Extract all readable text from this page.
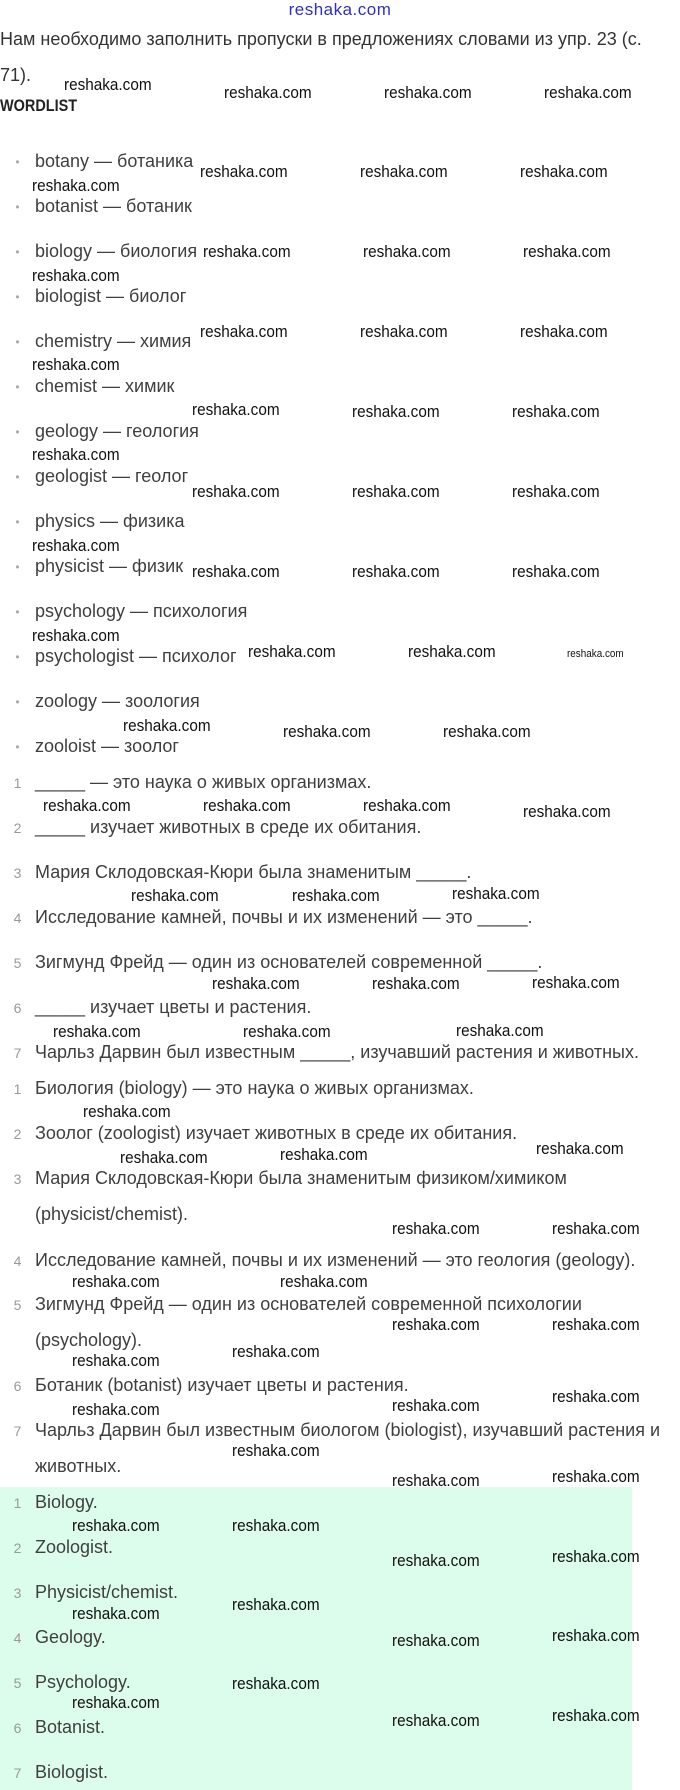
reshaka.com
Нам необходимо заполнить пропуски в предложениях словами из упр. 23 (с.
71).
WORDLIST
• botany — ботаника
• botanist — ботаник
• biology — биология
• biologist — биолог
• chemistry — химия
• chemist — химик
• geology — геология
• geologist — геолог
• physics — физика
• physicist — физик
• psychology — психология
• psychologist — психолог
• zoology — зоология
• zooloist — зоолог
1 _____ — это наука о живых организмах.
2 _____ изучает животных в среде их обитания.
3 Мария Склодовская-Кюри была знаменитым _____.
4 Исследование камней, почвы и их изменений — это _____.
5 Зигмунд Фрейд — один из основателей современной _____.
6 _____ изучает цветы и растения.
7 Чарльз Дарвин был известным _____, изучавший растения и животных.
1 Биология (biology) — это наука о живых организмах.
2 Зоолог (zoologist) изучает животных в среде их обитания.
3 Мария Склодовская-Кюри была знаменитым физиком/химиком
(physicist/chemist).
4 Исследование камней, почвы и их изменений — это геология (geology).
5 Зигмунд Фрейд — один из основателей современной психологии
(psychology).
6 Ботаник (botanist) изучает цветы и растения.
7 Чарльз Дарвин был известным биологом (biologist), изучавший растения и
животных.
1 Biology.
2 Zoologist.
3 Physicist/chemist.
4 Geology.
5 Psychology.
6 Botanist.
7 Biologist.
reshaka.com	reshaka.com	reshaka.com	reshaka.com
reshaka.com	reshaka.com	reshaka.com
reshaka.com
reshaka.com	reshaka.com	reshaka.com
reshaka.com
reshaka.com	reshaka.com	reshaka.com
reshaka.com
reshaka.com	reshaka.com	reshaka.com
reshaka.com
reshaka.com	reshaka.com	reshaka.com
reshaka.com
reshaka.com	reshaka.com	reshaka.com
reshaka.com
reshaka.com	reshaka.com
reshaka.com	reshaka.com	reshaka.com
reshaka.com	reshaka.com	reshaka.com	reshaka.com
reshaka.com
reshaka.com	reshaka.com
reshaka.com
reshaka.com	reshaka.com
reshaka.com	reshaka.com	reshaka.com
reshaka.com
reshaka.com	reshaka.com
reshaka.com
reshaka.com	reshaka.com
reshaka.com
reshaka.com
reshaka.com
reshaka.com
reshaka.com
reshaka.com
reshaka.com
reshaka.com
reshaka.com
reshaka.com
reshaka.com
reshaka.com
reshaka.com
reshaka.com
reshaka.com
reshaka.com
reshaka.com
reshaka.com
reshaka.com
reshaka.com
reshaka.com
reshaka.com
reshaka.com
reshaka.com
reshaka.com
